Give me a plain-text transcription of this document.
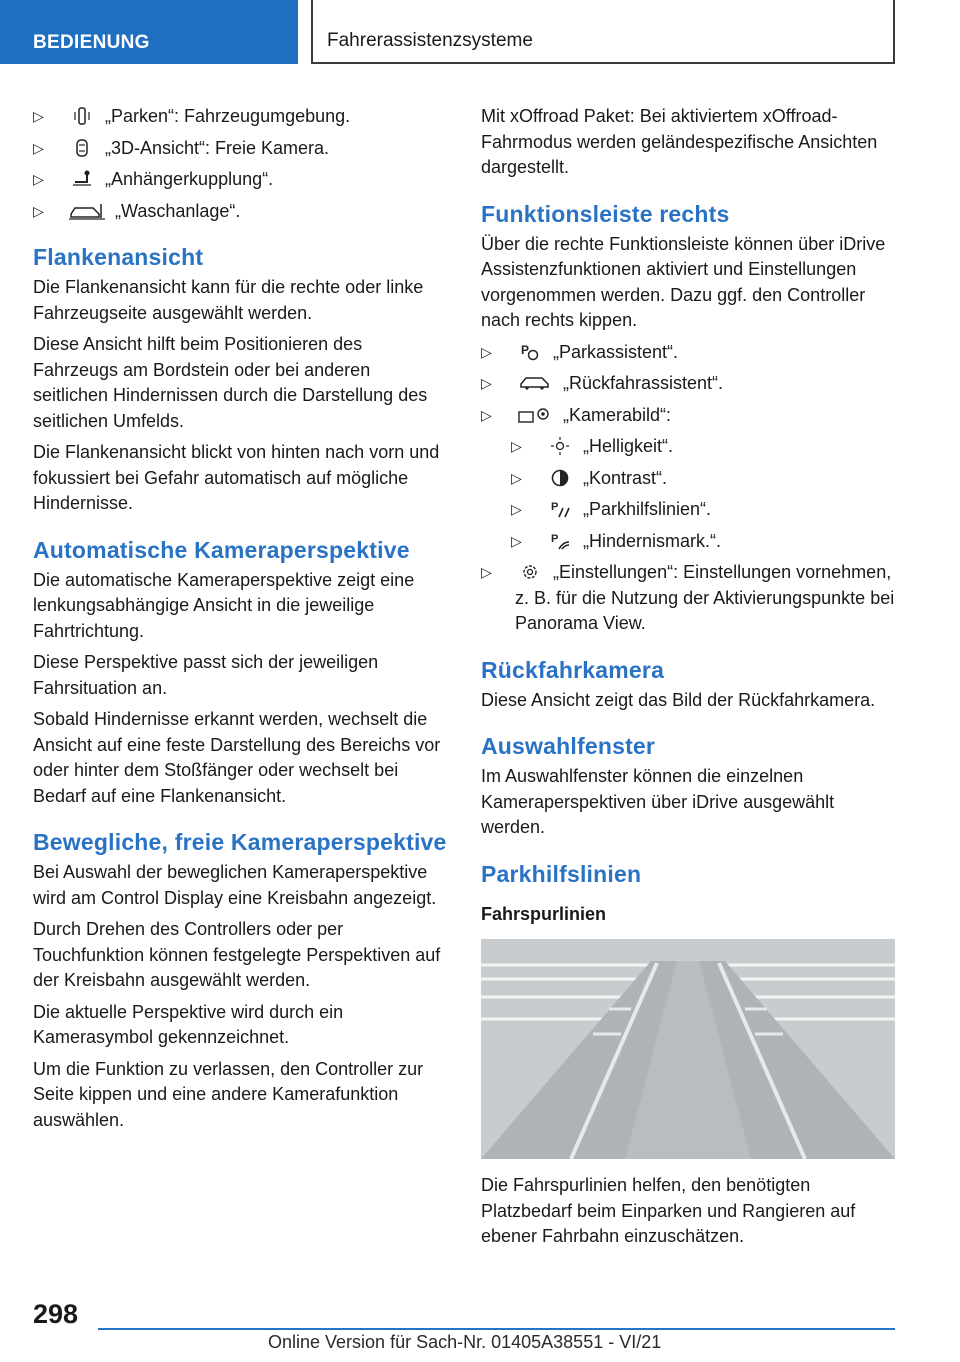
BEDIENUNG	Fahrerassistenzsysteme
▷	„Parken“: Fahrzeugumgebung.
▷	„3D-Ansicht“: Freie Kamera.
▷	„Anhängerkupplung“.
▷	„Waschanlage“.
Flankenansicht

Die Flankenansicht kann für die rechte oder linke Fahrzeugseite ausgewählt werden.

Diese Ansicht hilft beim Positionieren des Fahrzeugs am Bordstein oder bei anderen seitlichen Hindernissen durch die Darstellung des seitlichen Umfelds.

Die Flankenansicht blickt von hinten nach vorn und fokussiert bei Gefahr automatisch auf mögliche Hindernisse.

Automatische Kameraperspektive

Die automatische Kameraperspektive zeigt eine lenkungsabhängige Ansicht in die jeweilige Fahrtrichtung.

Diese Perspektive passt sich der jeweiligen Fahrsituation an.

Sobald Hindernisse erkannt werden, wechselt die Ansicht auf eine feste Darstellung des Bereichs vor oder hinter dem Stoßfänger oder wechselt bei Bedarf auf eine Flankenansicht.

Bewegliche, freie Kameraperspektive

Bei Auswahl der beweglichen Kameraperspektive wird am Control Display eine Kreisbahn angezeigt.

Durch Drehen des Controllers oder per Touchfunktion können festgelegte Perspektiven auf der Kreisbahn ausgewählt werden.

Die aktuelle Perspektive wird durch ein Kamerasymbol gekennzeichnet.

Um die Funktion zu verlassen, den Controller zur Seite kippen und eine andere Kamerafunktion auswählen.

Mit xOffroad Paket: Bei aktiviertem xOffroad-Fahrmodus werden geländespezifische Ansichten dargestellt.

Funktionsleiste rechts

Über die rechte Funktionsleiste können über iDrive Assistenzfunktionen aktiviert und Einstellungen vorgenommen werden. Dazu ggf. den Controller nach rechts kippen.

▷ P „Parkassistent“.
▷	„Rückfahrassistent“.
▷	„Kamerabild“:
▷	„Helligkeit“.
▷	„Kontrast“.
▷	P „Parkhilfslinien“.
▷	P „Hindernismark.“.
▷	„Einstellungen“: Einstellungen vornehmen, z. B. für die Nutzung der Aktivierungspunkte bei Panorama View.
Rückfahrkamera

Diese Ansicht zeigt das Bild der Rückfahrkamera.

Auswahlfenster

Im Auswahlfenster können die einzelnen Kameraperspektiven über iDrive ausgewählt werden.

Parkhilfslinien
Fahrspurlinien

Die Fahrspurlinien helfen, den benötigten Platzbedarf beim Einparken und Rangieren auf ebener Fahrbahn einzuschätzen.

298
Online Version für Sach-Nr. 01405A38551 - VI/21
